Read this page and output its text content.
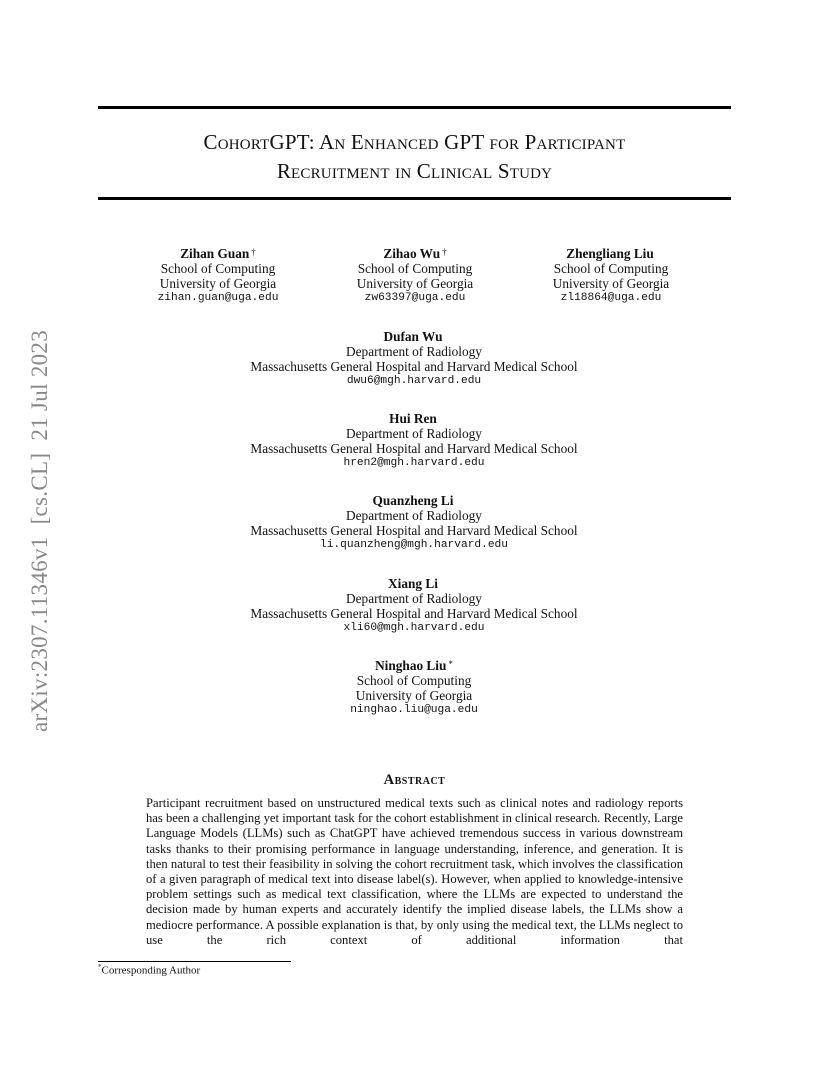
CohortGPT: An Enhanced GPT for Participant
Recruitment in Clinical Study
arXiv:2307.11346v1 [cs.CL] 21 Jul 2023
Zihan Guan †
School of Computing
University of Georgia
zihan.guan@uga.edu
Zihao Wu †
School of Computing
University of Georgia
zw63397@uga.edu
Zhengliang Liu
School of Computing
University of Georgia
zl18864@uga.edu
Dufan Wu
Department of Radiology
Massachusetts General Hospital and Harvard Medical School
dwu6@mgh.harvard.edu
Hui Ren
Department of Radiology
Massachusetts General Hospital and Harvard Medical School
hren2@mgh.harvard.edu
Quanzheng Li
Department of Radiology
Massachusetts General Hospital and Harvard Medical School
li.quanzheng@mgh.harvard.edu
Xiang Li
Department of Radiology
Massachusetts General Hospital and Harvard Medical School
xli60@mgh.harvard.edu
Ninghao Liu *
School of Computing
University of Georgia
ninghao.liu@uga.edu
Abstract
Participant recruitment based on unstructured medical texts such as clinical notes and radiology reports has been a challenging yet important task for the cohort establishment in clinical research. Recently, Large Language Models (LLMs) such as ChatGPT have achieved tremendous success in various downstream tasks thanks to their promising performance in language understanding, inference, and generation. It is then natural to test their feasibility in solving the cohort recruitment task, which involves the classification of a given paragraph of medical text into disease label(s). However, when applied to knowledge-intensive problem settings such as medical text classification, where the LLMs are expected to understand the decision made by human experts and accurately identify the implied disease labels, the LLMs show a mediocre performance. A possible explanation is that, by only using the medical text, the LLMs neglect to use the rich context of additional information that
*Corresponding Author
